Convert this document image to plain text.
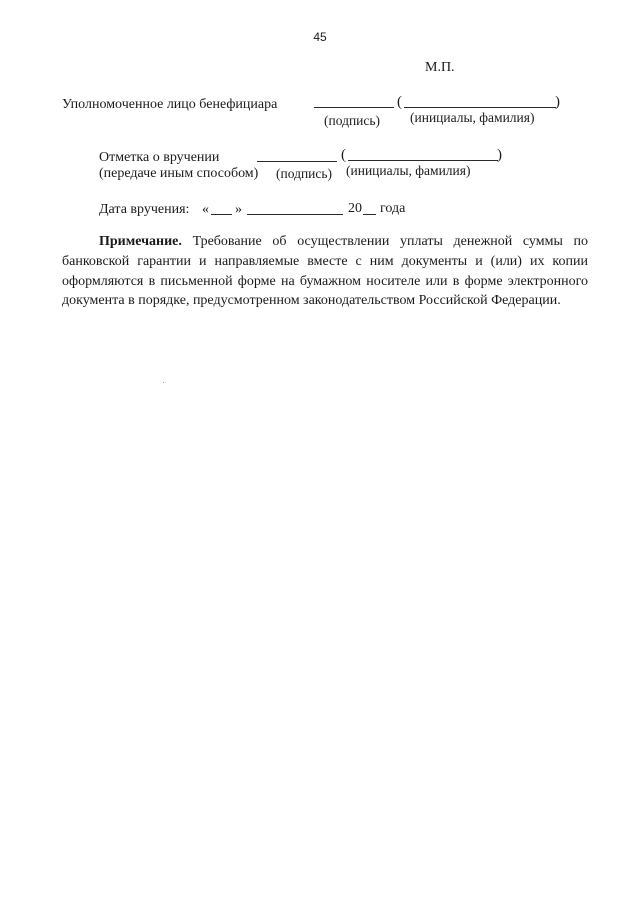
45
М.П.
Уполномоченное лицо бенефициара	(	)
(подпись) (инициалы, фамилия)
Отметка о вручении
(передаче иным способом)
(	)
(подпись) (инициалы, фамилия)
Дата вручения: « »	20 года

Примечание. Требование об осуществлении уплаты денежной суммы по банковской гарантии и направляемые вместе с ним документы и (или) их копии оформляются в письменной форме на бумажном носителе или в форме электронного документа в порядке, предусмотренном законодательством Российской Федерации.
